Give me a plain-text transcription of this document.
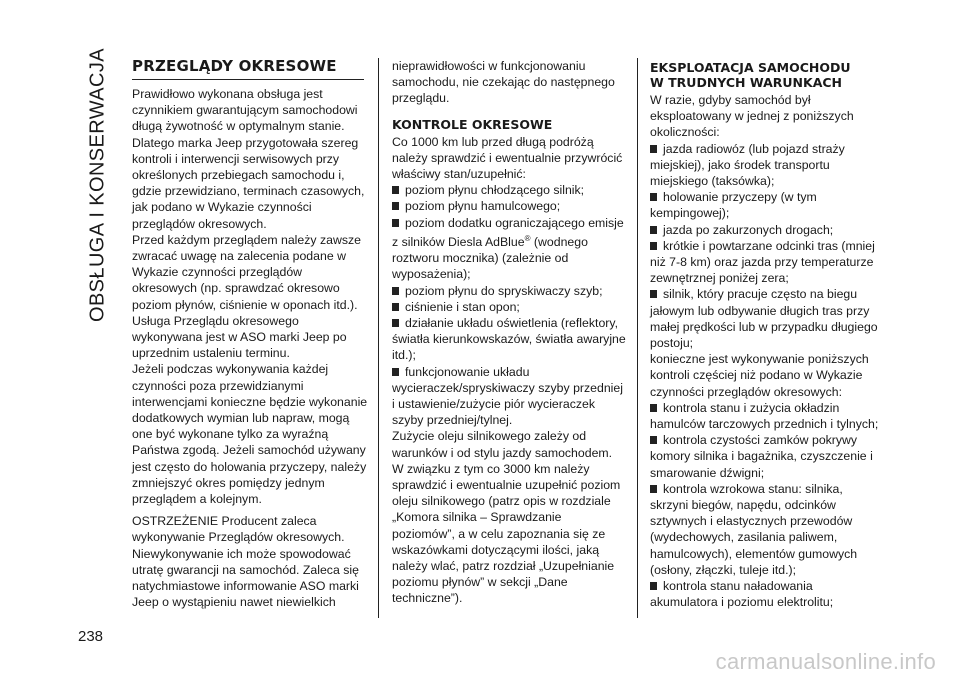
OBSŁUGA I KONSERWACJA PRZEGLĄDY OKRESOWE

Prawidłowo wykonana obsługa jest czynnikiem gwarantującym samochodowi długą żywotność w optymalnym stanie. Dlatego marka Jeep przygotowała szereg kontroli i interwencji serwisowych przy określonych przebiegach samochodu i, gdzie przewidziano, terminach czasowych, jak podano w Wykazie czynności przeglądów okresowych.

Przed każdym przeglądem należy zawsze zwracać uwagę na zalecenia podane w Wykazie czynności przeglądów okresowych (np. sprawdzać okresowo poziom płynów, ciśnienie w oponach itd.).

Usługa Przeglądu okresowego wykonywana jest w ASO marki Jeep po uprzednim ustaleniu terminu.

Jeżeli podczas wykonywania każdej czynności poza przewidzianymi interwencjami konieczne będzie wykonanie dodatkowych wymian lub napraw, mogą one być wykonane tylko za wyraźną Państwa zgodą. Jeżeli samochód używany jest często do holowania przyczepy, należy zmniejszyć okres pomiędzy jednym przeglądem a kolejnym.

OSTRZEŻENIE Producent zaleca wykonywanie Przeglądów okresowych. Niewykonywanie ich może spowodować utratę gwarancji na samochód. Zaleca się natychmiastowe informowanie ASO marki Jeep o wystąpieniu nawet niewielkich

nieprawidłowości w funkcjonowaniu samochodu, nie czekając do następnego przeglądu.

KONTROLE OKRESOWE

Co 1000 km lub przed długą podróżą należy sprawdzić i ewentualnie przywrócić właściwy stan/uzupełnić:

poziom płynu chłodzącego silnik;

poziom płynu hamulcowego;

poziom dodatku ograniczającego emisje z silników Diesla AdBlue® (wodnego roztworu mocznika) (zależnie od wyposażenia);

poziom płynu do spryskiwaczy szyb;

ciśnienie i stan opon;

działanie układu oświetlenia (reflektory, światła kierunkowskazów, światła awaryjne itd.);

funkcjonowanie układu wycieraczek/spryskiwaczy szyby przedniej i ustawienie/zużycie piór wycieraczek szyby przedniej/tylnej.

Zużycie oleju silnikowego zależy od warunków i od stylu jazdy samochodem. W związku z tym co 3000 km należy sprawdzić i ewentualnie uzupełnić poziom oleju silnikowego (patrz opis w rozdziale „Komora silnika – Sprawdzanie poziomów”, a w celu zapoznania się ze wskazówkami dotyczącymi ilości, jaką należy wlać, patrz rozdział „Uzupełnianie poziomu płynów” w sekcji „Dane techniczne”).

EKSPLOATACJA SAMOCHODU
W TRUDNYCH WARUNKACH

W razie, gdyby samochód był eksploatowany w jednej z poniższych okoliczności:

jazda radiowóz (lub pojazd straży miejskiej), jako środek transportu miejskiego (taksówka);

holowanie przyczepy (w tym kempingowej);

jazda po zakurzonych drogach;

krótkie i powtarzane odcinki tras (mniej niż 7-8 km) oraz jazda przy temperaturze zewnętrznej poniżej zera;

silnik, który pracuje często na biegu jałowym lub odbywanie długich tras przy małej prędkości lub w przypadku długiego postoju;

konieczne jest wykonywanie poniższych kontroli częściej niż podano w Wykazie czynności przeglądów okresowych:

kontrola stanu i zużycia okładzin hamulców tarczowych przednich i tylnych;

kontrola czystości zamków pokrywy komory silnika i bagażnika, czyszczenie i smarowanie dźwigni;

kontrola wzrokowa stanu: silnika, skrzyni biegów, napędu, odcinków sztywnych i elastycznych przewodów (wydechowych, zasilania paliwem, hamulcowych), elementów gumowych (osłony, złączki, tuleje itd.);

kontrola stanu naładowania akumulatora i poziomu elektrolitu;

238
carmanualsonline.info
